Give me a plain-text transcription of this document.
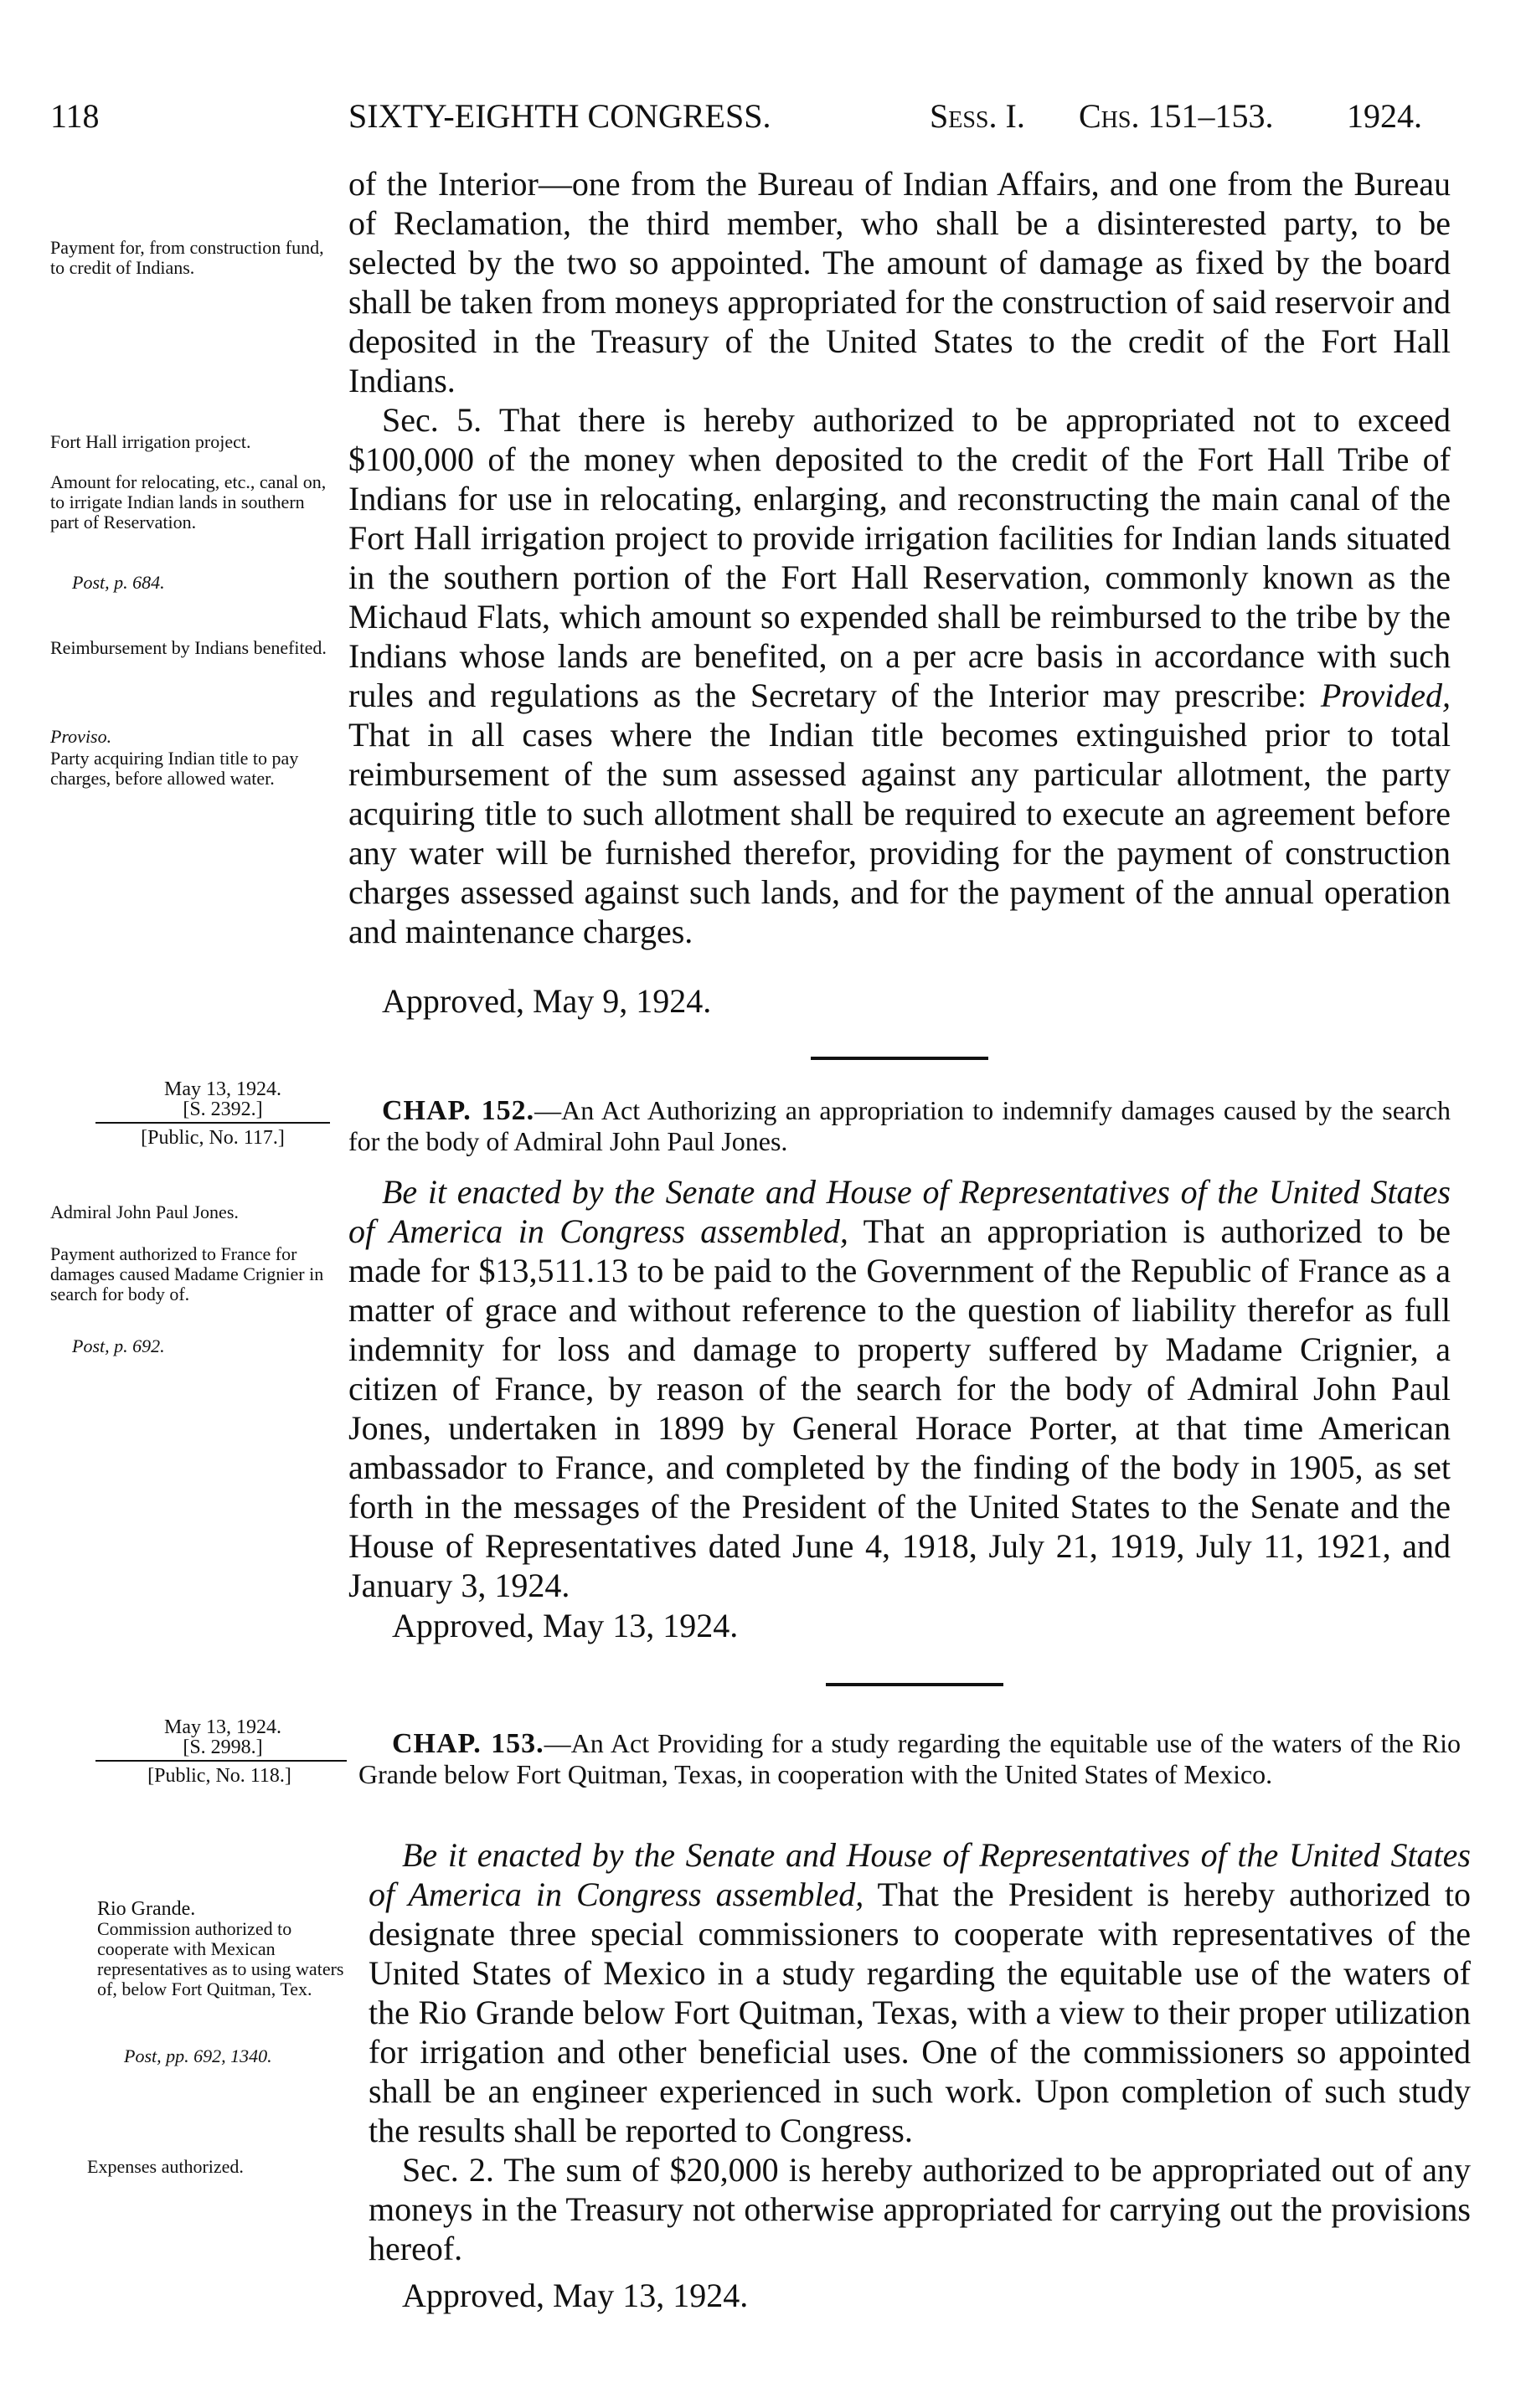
118	SIXTY-EIGHTH CONGRESS.	Sess. I. Chs. 151–153. 1924.

of the Interior—one from the Bureau of Indian Affairs, and one from the Bureau of Reclamation, the third member, who shall be a disinterested party, to be selected by the two so appointed. The amount of damage as fixed by the board shall be taken from moneys appropriated for the construction of said reservoir and deposited in the Treasury of the United States to the credit of the Fort Hall Indians.

Sec. 5. That there is hereby authorized to be appropriated not to exceed $100,000 of the money when deposited to the credit of the Fort Hall Tribe of Indians for use in relocating, enlarging, and reconstructing the main canal of the Fort Hall irrigation project to provide irrigation facilities for Indian lands situated in the southern portion of the Fort Hall Reservation, commonly known as the Michaud Flats, which amount so expended shall be reimbursed to the tribe by the Indians whose lands are benefited, on a per acre basis in accordance with such rules and regulations as the Secretary of the Interior may prescribe: Provided, That in all cases where the Indian title becomes extinguished prior to total reimbursement of the sum assessed against any particular allotment, the party acquiring title to such allotment shall be required to execute an agreement before any water will be furnished therefor, providing for the payment of construction charges assessed against such lands, and for the payment of the annual operation and maintenance charges.

Approved, May 9, 1924.
Payment for, from construction fund, to credit of Indians.
Fort Hall irrigation project.
Amount for relocating, etc., canal on, to irrigate Indian lands in southern part of Reservation.
Post, p. 684.
Reimbursement by Indians benefited.
Proviso.
Party acquiring Indian title to pay charges, before allowed water.
May 13, 1924.
[S. 2392.]
[Public, No. 117.]
CHAP. 152.—An Act Authorizing an appropriation to indemnify damages caused by the search for the body of Admiral John Paul Jones.

Be it enacted by the Senate and House of Representatives of the United States of America in Congress assembled, That an appropriation is authorized to be made for $13,511.13 to be paid to the Government of the Republic of France as a matter of grace and without reference to the question of liability therefor as full indemnity for loss and damage to property suffered by Madame Crignier, a citizen of France, by reason of the search for the body of Admiral John Paul Jones, undertaken in 1899 by General Horace Porter, at that time American ambassador to France, and completed by the finding of the body in 1905, as set forth in the messages of the President of the United States to the Senate and the House of Representatives dated June 4, 1918, July 21, 1919, July 11, 1921, and January 3, 1924.

Approved, May 13, 1924.
Admiral John Paul Jones.
Payment authorized to France for damages caused Madame Crignier in search for body of.
Post, p. 692.
May 13, 1924.
[S. 2998.]
[Public, No. 118.]
CHAP. 153.—An Act Providing for a study regarding the equitable use of the waters of the Rio Grande below Fort Quitman, Texas, in cooperation with the United States of Mexico.

Be it enacted by the Senate and House of Representatives of the United States of America in Congress assembled, That the President is hereby authorized to designate three special commissioners to cooperate with representatives of the United States of Mexico in a study regarding the equitable use of the waters of the Rio Grande below Fort Quitman, Texas, with a view to their proper utilization for irrigation and other beneficial uses. One of the commissioners so appointed shall be an engineer experienced in such work. Upon completion of such study the results shall be reported to Congress.

Sec. 2. The sum of $20,000 is hereby authorized to be appropriated out of any moneys in the Treasury not otherwise appropriated for carrying out the provisions hereof.

Approved, May 13, 1924.
Rio Grande.
Commission authorized to cooperate with Mexican representatives as to using waters of, below Fort Quitman, Tex.
Post, pp. 692, 1340.
Expenses authorized.
